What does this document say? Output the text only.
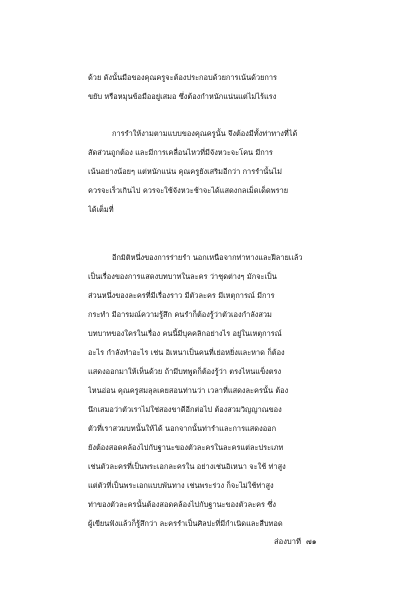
ด้วย ดังนั้นมือของคุณครูจะต้องประกอบด้วยการเน้นด้วยการ
ขยับ หรือหมุนข้อมืออยู่เสมอ ซึ่งต้องกำหนักแน่นแต่ไม่ไร้แรง
การรำให้งามตามแบบของคุณครูนั้น จึงต้องมีทั้งท่าทางที่ได้
สัดส่วนถูกต้อง และมีการเคลื่อนไหวที่มีจังหวะจะโคน มีการ
เน้นอย่างน้อยๆ แต่หนักแน่น คุณครูยังเสริมอีกว่า การรำนั้นไม่
ควรจะเร็วเกินไป ควรจะใช้จังหวะช้าจะได้แสดงกลเม็ดเด็ดพราย
ได้เต็มที่
อีกมิติหนึ่งของการร่ายรำ นอกเหนือจากท่าทางและฝีลายเเล้ว
เป็นเรื่องของการแสดงบทบาทในละคร ว่าชุดต่างๆ มักจะเป็น
ส่วนหนึ่งของละครที่มีเรื่องราว มีตัวละคร มีเหตุการณ์ มีการ
กระทำ มีอารมณ์ความรู้สึก คนรำก็ต้องรู้ว่าตัวเองกำลังสวม
บทบาทของใครในเรื่อง คนนี้มีบุคคลิกอย่างไร อยู่ในเหตุการณ์
อะไร กำลังทำอะไร เช่น อิเหนาเป็นคนที่เย่อหยิ่งและหาด ก็ต้อง
แสดงออกมาให้เห็นด้วย ถ้ามีบทพูดก็ต้องรู้ว่า ตรงไหนแข็งตรง
ไหนอ่อน คุณครูสมลุลเคยสอนท่านว่า เวลาที่แสดงละครนั้น ต้อง
นึกเสมอว่าตัวเราไม่ใช่สองขาดีอีกต่อไป ต้องสวมวิญญาณของ
ตัวที่เราสวมบทนั้นให้ได้ นอกจากนั้นท่ารำและการแสดงออก
ยังต้องสอดคล้องไปกับฐานะของตัวละครในละครแต่ละประเภท
เช่นตัวละครที่เป็นพระเอกละครใน อย่างเช่นอิเหนา จะใช้ ท่าสูง
แต่ตัวที่เป็นพระเอกแบบพันทาง เช่นพระร่วง ก็จะไม่ใช้ท่าสูง
ท่าของตัวละครนั้นต้องสอดคล้องไปกับฐานะของตัวละคร ซึ่ง
ผู้เขียนฟังแล้วก็รู้สึกว่า ละครรำเป็นศิลปะที่มีกำเนิดและสืบทอด
ส่องบาที ๗๑
